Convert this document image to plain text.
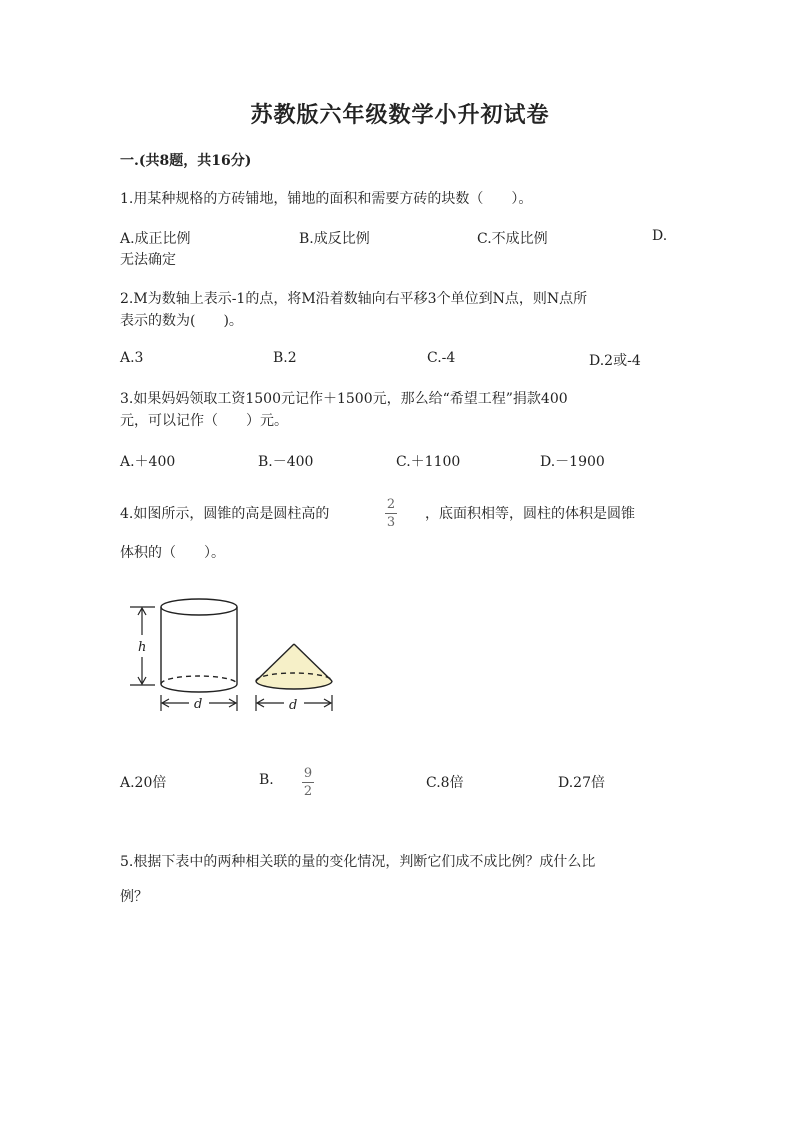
苏教版六年级数学小升初试卷
一.(共8题，共16分)
1.用某种规格的方砖铺地，铺地的面积和需要方砖的块数（　　）。
A.成正比例	B.成反比例	C.不成比例	D.
无法确定
2.M为数轴上表示-1的点，将M沿着数轴向右平移3个单位到N点，则N点所
表示的数为(　　)。
A.3	B.2	C.-4	D.2或-4
3.如果妈妈领取工资1500元记作＋1500元，那么给“希望工程”捐款400
元，可以记作（　　）元。
A.＋400	B.－400	C.＋1100	D.－1900
4.如图所示，圆锥的高是圆柱高的
2
3
，底面积相等，圆柱的体积是圆锥
体积的（　　）。
h
d	d
A.20倍	B. 9
2
C.8倍	D.27倍
5.根据下表中的两种相关联的量的变化情况，判断它们成不成比例？成什么比
例？
